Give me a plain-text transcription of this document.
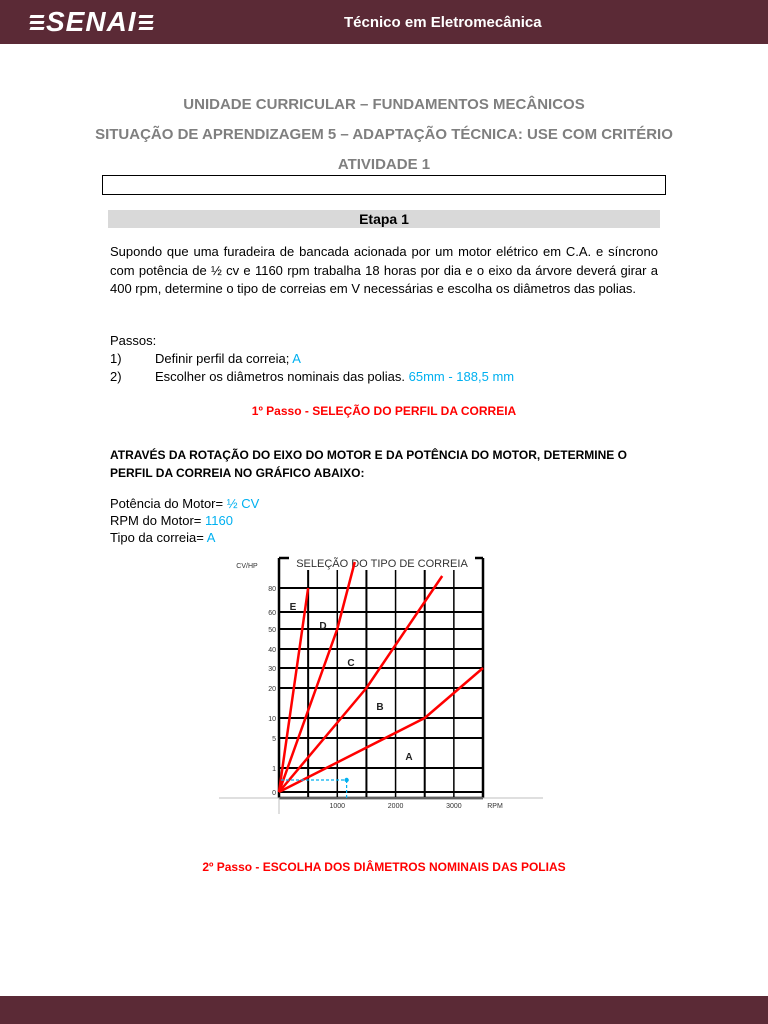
SENAI	Técnico em Eletromecânica
UNIDADE CURRICULAR – FUNDAMENTOS MECÂNICOS
SITUAÇÃO DE APRENDIZAGEM 5 – ADAPTAÇÃO TÉCNICA: USE COM CRITÉRIO
ATIVIDADE 1
Etapa 1
Supondo que uma furadeira de bancada acionada por um motor elétrico em C.A. e síncrono com potência de ½ cv e 1160 rpm trabalha 18 horas por dia e o eixo da árvore deverá girar a 400 rpm, determine o tipo de correias em V necessárias e escolha os diâmetros das polias.
Passos:
1)	Definir perfil da correia; A
2)	Escolher os diâmetros nominais das polias. 65mm - 188,5 mm
1º Passo - SELEÇÃO DO PERFIL DA CORREIA
ATRAVÉS DA ROTAÇÃO DO EIXO DO MOTOR E DA POTÊNCIA DO MOTOR, DETERMINE O PERFIL DA CORREIA NO GRÁFICO ABAIXO:
Potência do Motor= ½ CV
RPM do Motor= 1160
Tipo da correia= A
SELEÇÃO DO TIPO DE CORREIA
CV/HP
80
60
50
40
30
20
10
5
1
0
1000	2000	3000	RPM
E
D
C
B
A
2º Passo - ESCOLHA DOS DIÂMETROS NOMINAIS DAS POLIAS
